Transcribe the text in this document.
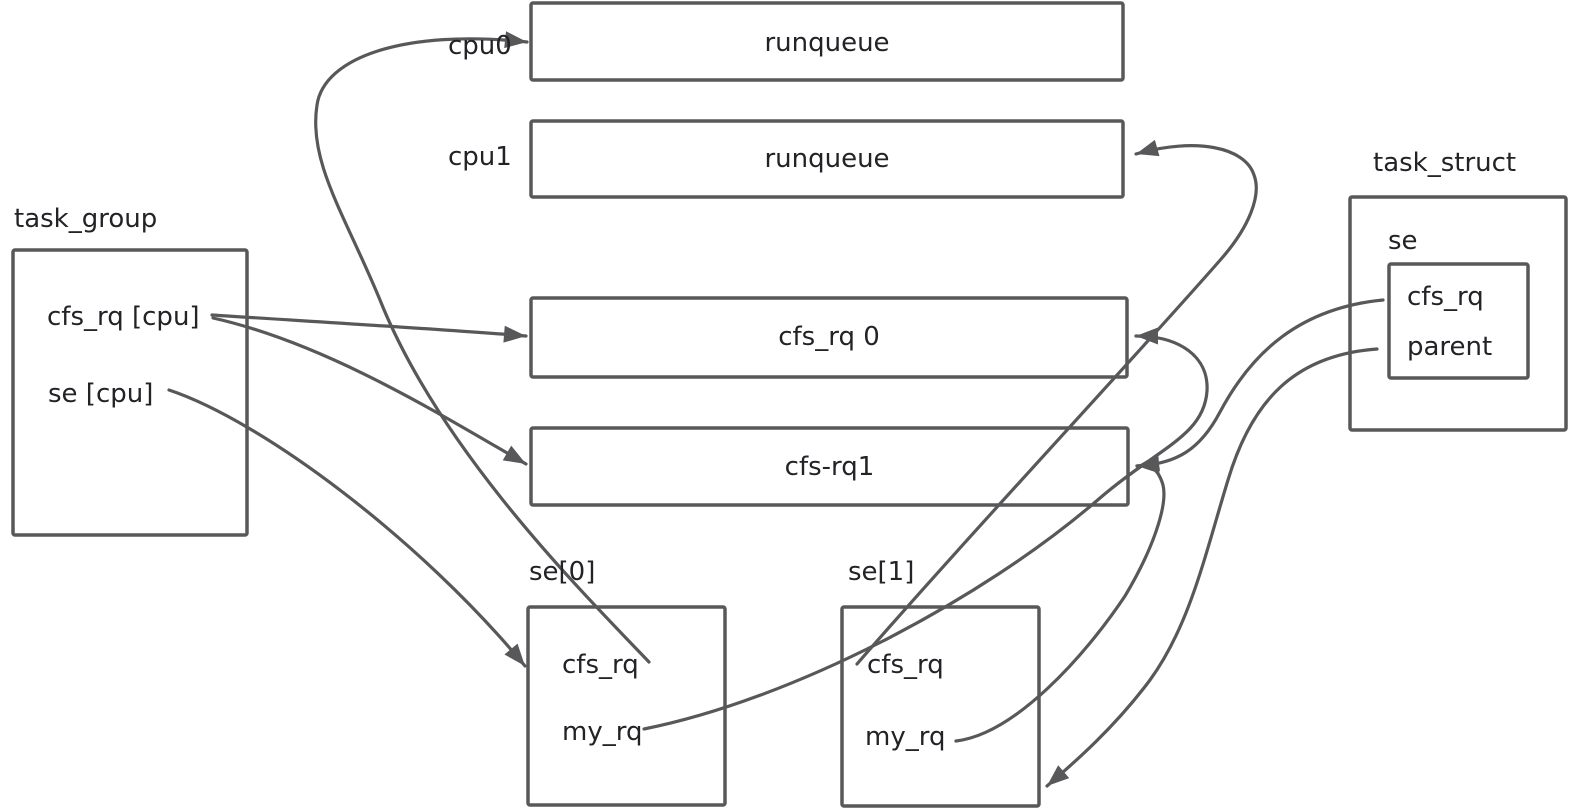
task_group
cfs_rq [cpu]
se [cpu]
cpu0	runqueue
cpu1	runqueue
cfs_rq 0
cfs-rq1
se[0]
cfs_rq
my_rq
se[1]
cfs_rq
my_rq
task_struct
se
cfs_rq
parent
